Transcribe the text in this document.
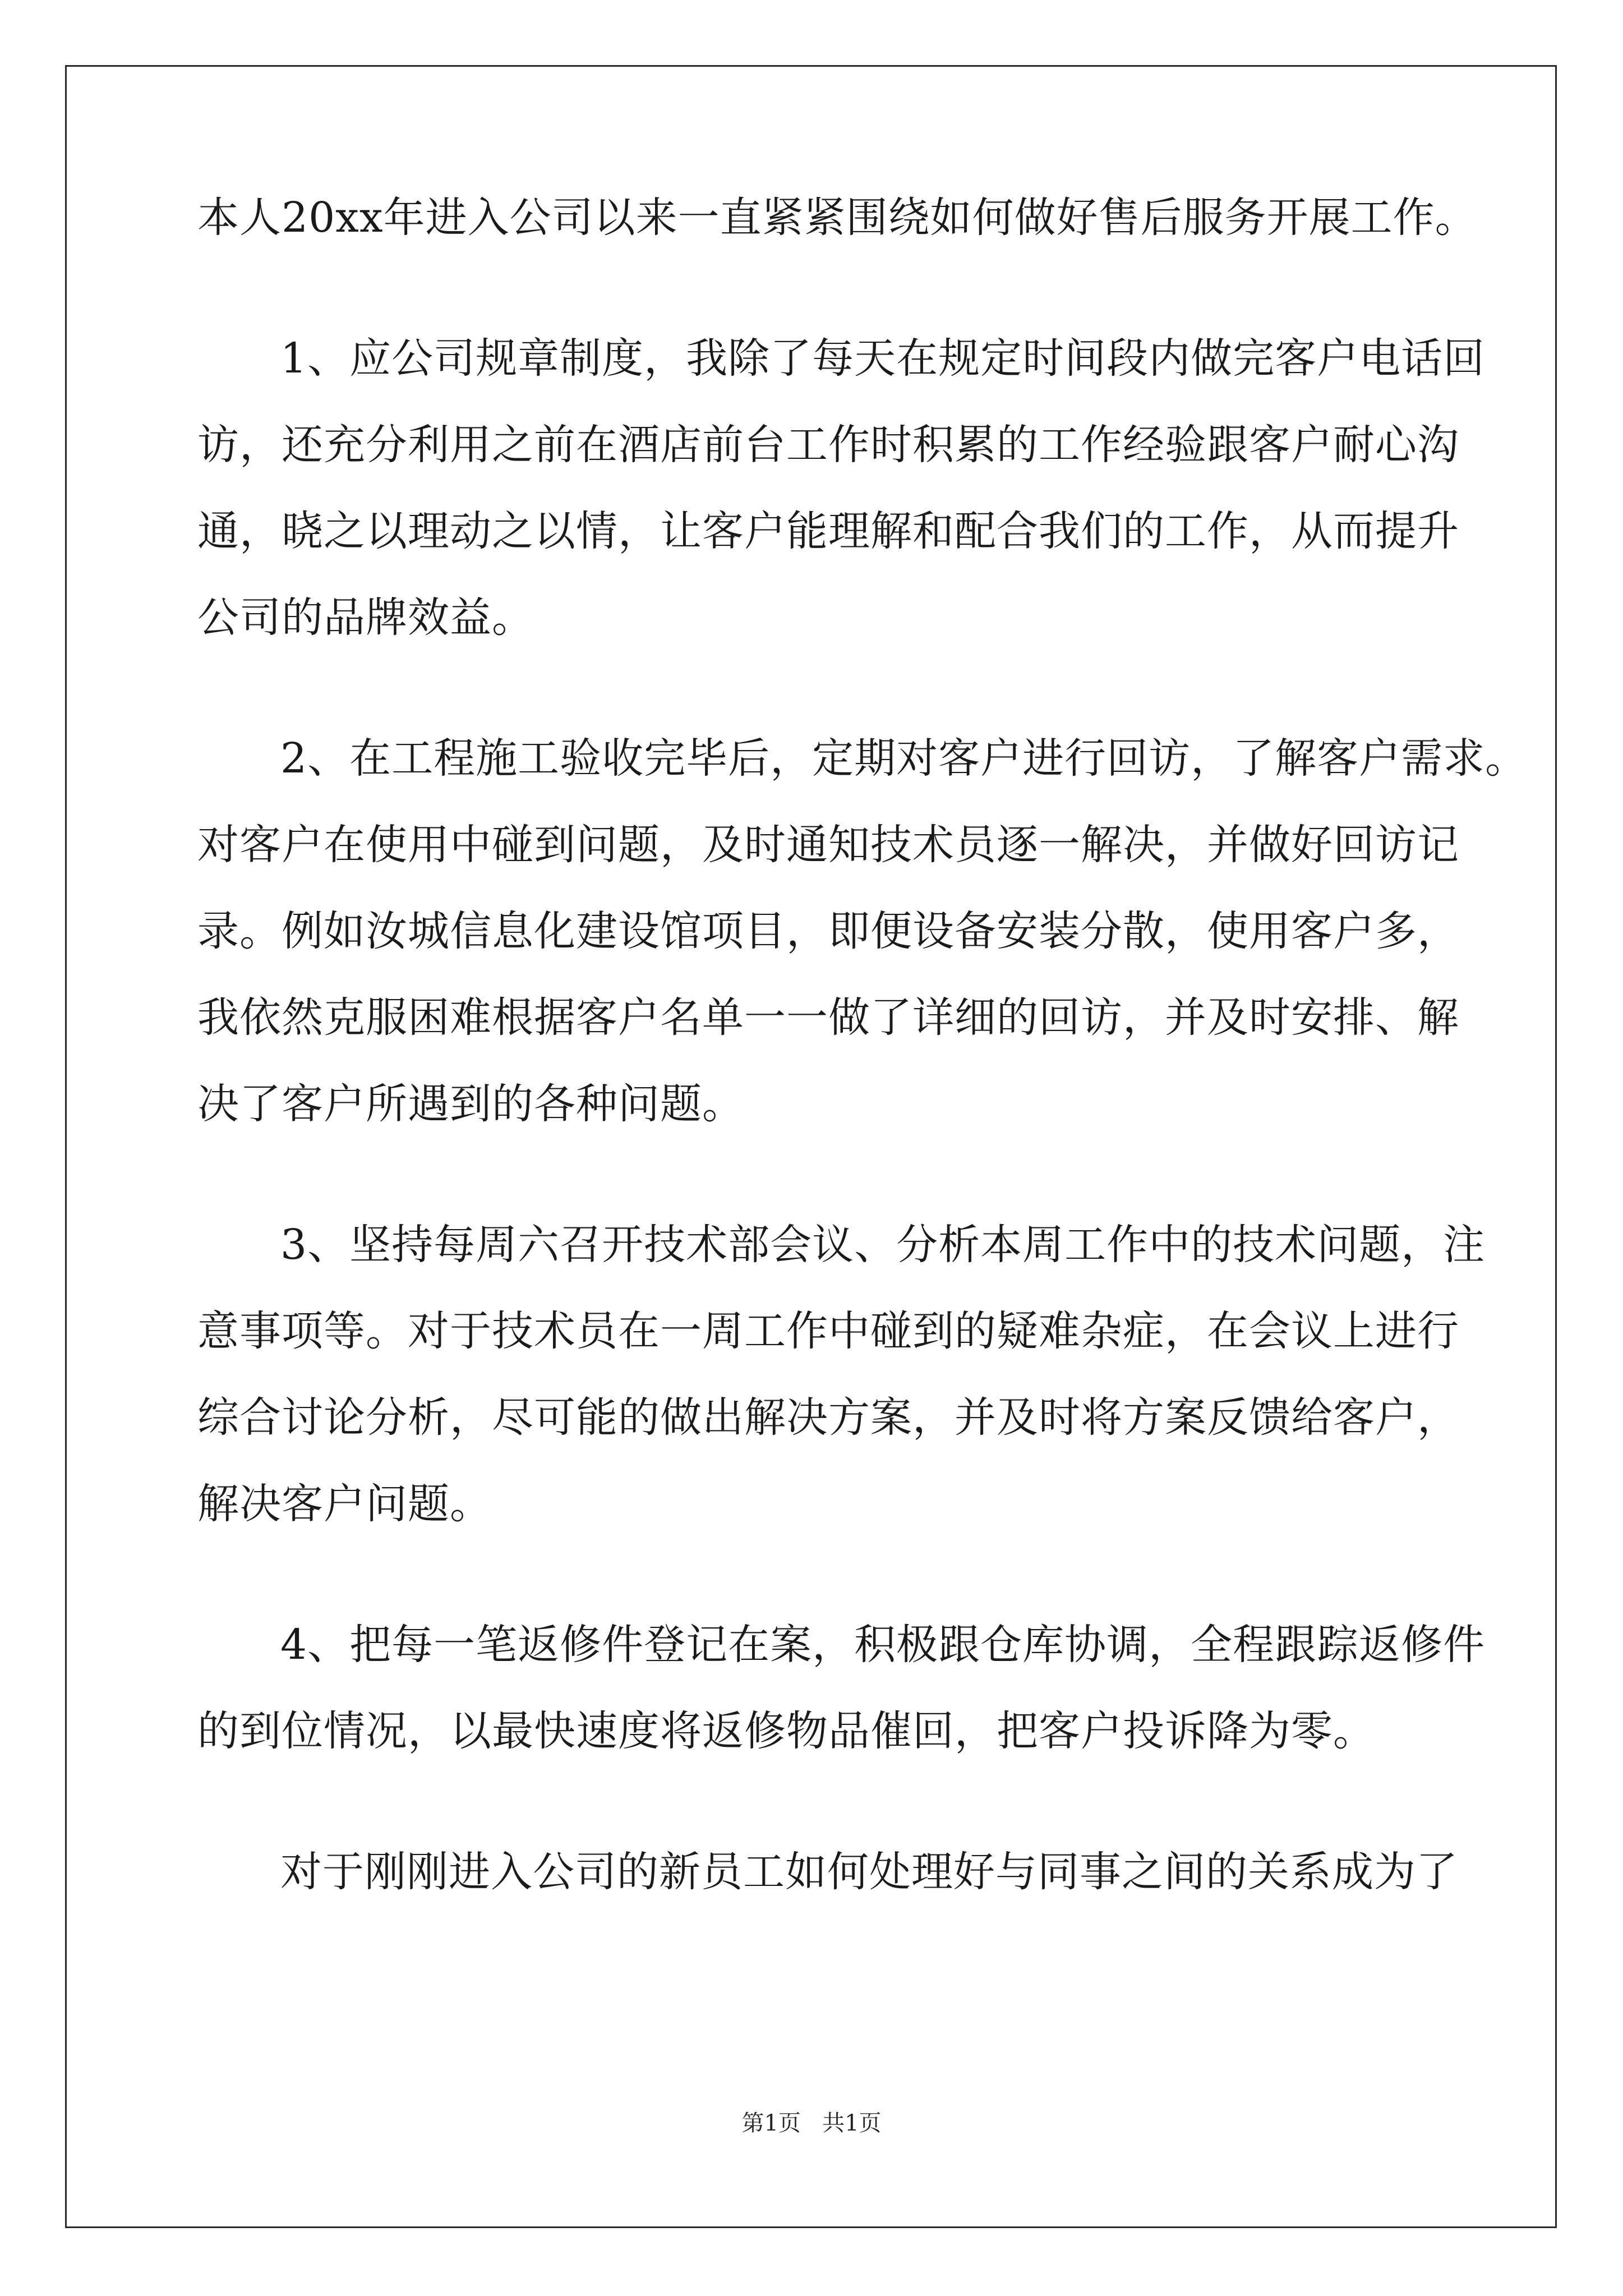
本人20xx年进入公司以来一直紧紧围绕如何做好售后服务开展工作。
1、应公司规章制度，我除了每天在规定时间段内做完客户电话回
访，还充分利用之前在酒店前台工作时积累的工作经验跟客户耐心沟
通，晓之以理动之以情，让客户能理解和配合我们的工作，从而提升
公司的品牌效益。
2、在工程施工验收完毕后，定期对客户进行回访，了解客户需求。
对客户在使用中碰到问题，及时通知技术员逐一解决，并做好回访记
录。例如汝城信息化建设馆项目，即便设备安装分散，使用客户多，
我依然克服困难根据客户名单一一做了详细的回访，并及时安排、解
决了客户所遇到的各种问题。
3、坚持每周六召开技术部会议、分析本周工作中的技术问题，注
意事项等。对于技术员在一周工作中碰到的疑难杂症，在会议上进行
综合讨论分析，尽可能的做出解决方案，并及时将方案反馈给客户，
解决客户问题。
4、把每一笔返修件登记在案，积极跟仓库协调，全程跟踪返修件
的到位情况，以最快速度将返修物品催回，把客户投诉降为零。
对于刚刚进入公司的新员工如何处理好与同事之间的关系成为了
第1页 共1页
